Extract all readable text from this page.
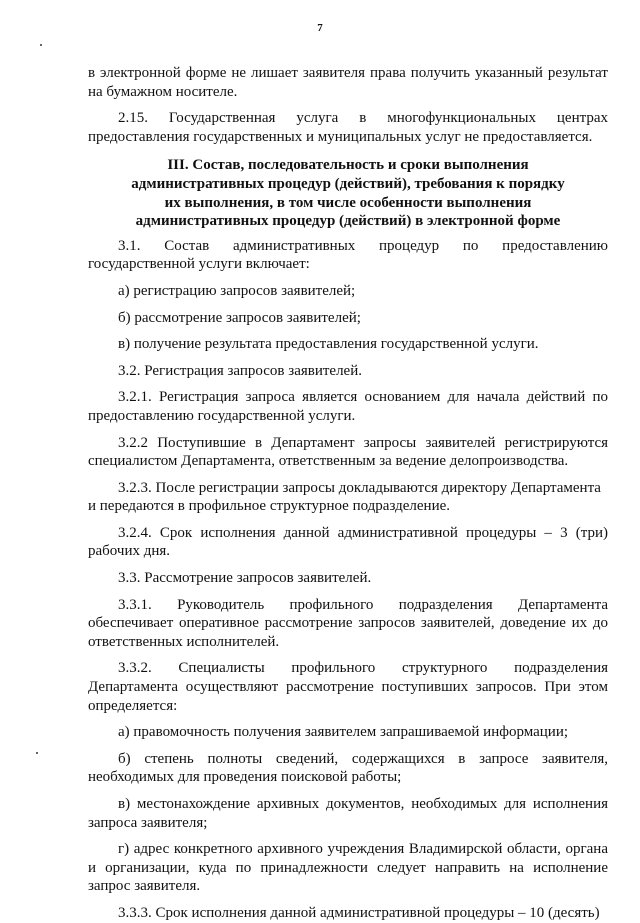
7

в электронной форме не лишает заявителя права получить указанный результат на бумажном носителе.

2.15. Государственная услуга в многофункциональных центрах предоставления государственных и муниципальных услуг не предоставляется.

III. Состав, последовательность и сроки выполнения
административных процедур (действий), требования к порядку
их выполнения, в том числе особенности выполнения
административных процедур (действий) в электронной форме

3.1. Состав административных процедур по предоставлению государственной услуги включает:

а) регистрацию запросов заявителей;

б) рассмотрение запросов заявителей;

в) получение результата предоставления государственной услуги.

3.2. Регистрация запросов заявителей.

3.2.1. Регистрация запроса является основанием для начала действий по предоставлению государственной услуги.

3.2.2 Поступившие в Департамент запросы заявителей регистрируются специалистом Департамента, ответственным за ведение делопроизводства.

3.2.3. После регистрации запросы докладываются директору Департамента

и передаются в профильное структурное подразделение.

3.2.4. Срок исполнения данной административной процедуры – 3 (три) рабочих дня.

3.3. Рассмотрение запросов заявителей.

3.3.1. Руководитель профильного подразделения Департамента обеспечивает оперативное рассмотрение запросов заявителей, доведение их до ответственных исполнителей.

3.3.2. Специалисты профильного структурного подразделения Департамента осуществляют рассмотрение поступивших запросов. При этом определяется:

а) правомочность получения заявителем запрашиваемой информации;

б) степень полноты сведений, содержащихся в запросе заявителя, необходимых для проведения поисковой работы;

в) местонахождение архивных документов, необходимых для исполнения запроса заявителя;

г) адрес конкретного архивного учреждения Владимирской области, органа и организации, куда по принадлежности следует направить на исполнение запрос заявителя.

3.3.3. Срок исполнения данной административной процедуры – 10 (десять)
